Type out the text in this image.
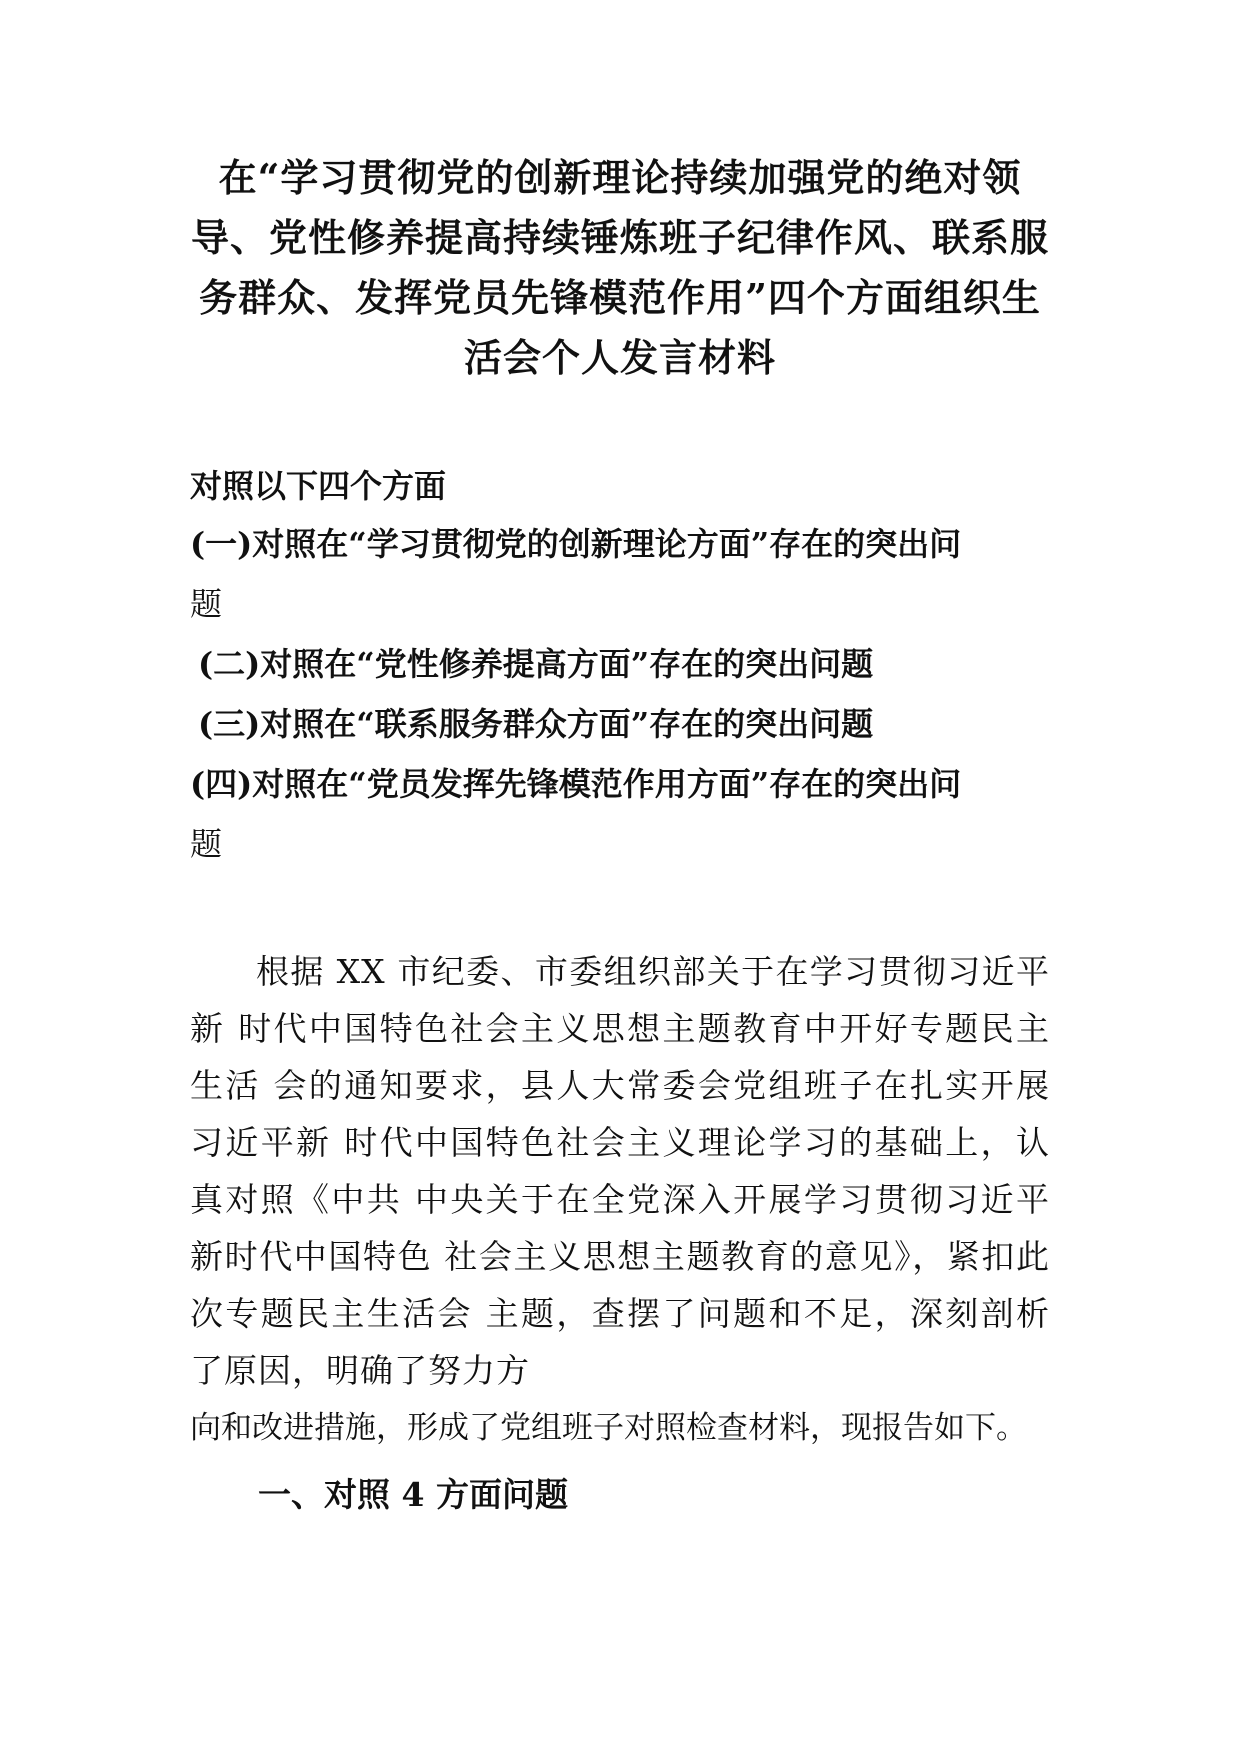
在“学习贯彻党的创新理论持续加强党的绝对领
导、党性修养提高持续锤炼班子纪律作风、联系服
务群众、发挥党员先锋模范作用”四个方面组织生
活会个人发言材料

对照以下四个方面

(一)对照在“学习贯彻党的创新理论方面”存在的突出问
题

(二)对照在“党性修养提高方面”存在的突出问题

(三)对照在“联系服务群众方面”存在的突出问题

(四)对照在“党员发挥先锋模范作用方面”存在的突出问
题

根据 XX 市纪委、市委组织部关于在学习贯彻习近平新 时代中国特色社会主义思想主题教育中开好专题民主生活 会的通知要求，县人大常委会党组班子在扎实开展习近平新 时代中国特色社会主义理论学习的基础上，认真对照《中共 中央关于在全党深入开展学习贯彻习近平新时代中国特色 社会主义思想主题教育的意见》，紧扣此次专题民主生活会 主题，查摆了问题和不足，深刻剖析了原因，明确了努力方

向和改进措施，形成了党组班子对照检查材料，现报告如下。

一、对照 4 方面问题
